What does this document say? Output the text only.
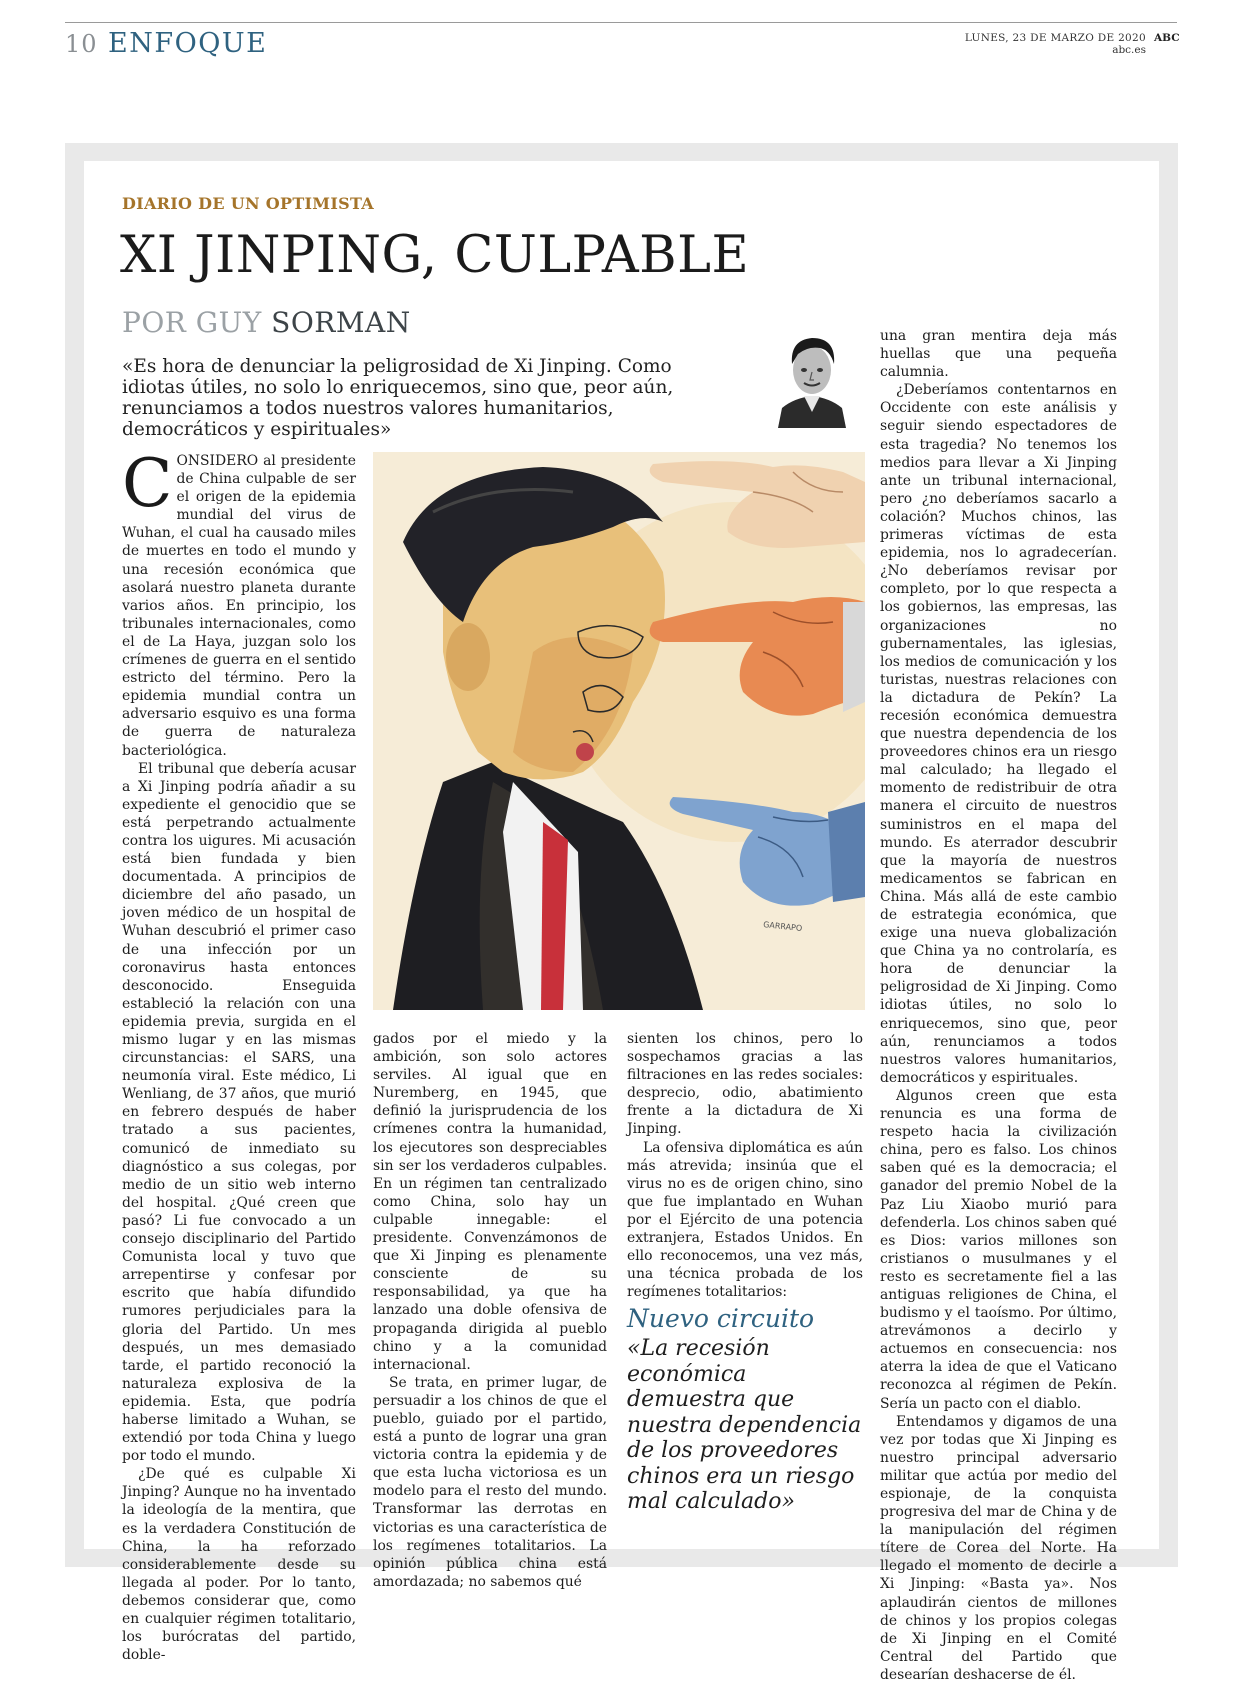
10 ENFOQUE	LUNES, 23 DE MARZO DE 2020
abc.es
ABC
DIARIO DE UN OPTIMISTA
XI JINPING, CULPABLE
POR GUY SORMAN
«Es hora de denunciar la peligrosidad de Xi Jinping. Como idiotas útiles, no solo lo enriquecemos, sino que, peor aún, renunciamos a todos nuestros valores humanitarios, democráticos y espirituales»
GARRAPO

CONSIDERO al presidente de China culpable de ser el origen de la epidemia mundial del virus de Wuhan, el cual ha causado miles de muertes en todo el mundo y una recesión económica que asolará nuestro planeta durante varios años. En principio, los tribunales internacionales, como el de La Haya, juzgan solo los crímenes de guerra en el sentido estricto del término. Pero la epidemia mundial contra un adversario esquivo es una forma de guerra de naturaleza bacteriológica.

El tribunal que debería acusar a Xi Jinping podría añadir a su expediente el genocidio que se está perpetrando actualmente contra los uigures. Mi acusación está bien fundada y bien documentada. A principios de diciembre del año pasado, un joven médico de un hospital de Wuhan descubrió el primer caso de una infección por un coronavirus hasta entonces desconocido. Enseguida estableció la relación con una epidemia previa, surgida en el mismo lugar y en las mismas circunstancias: el SARS, una neumonía viral. Este médico, Li Wenliang, de 37 años, que murió en febrero después de haber tratado a sus pacientes, comunicó de inmediato su diagnóstico a sus colegas, por medio de un sitio web interno del hospital. ¿Qué creen que pasó? Li fue convocado a un consejo disciplinario del Partido Comunista local y tuvo que arrepentirse y confesar por escrito que había difundido rumores perjudiciales para la gloria del Partido. Un mes después, un mes demasiado tarde, el partido reconoció la naturaleza explosiva de la epidemia. Esta, que podría haberse limitado a Wuhan, se extendió por toda China y luego por todo el mundo.

¿De qué es culpable Xi Jinping? Aunque no ha inventado la ideología de la mentira, que es la verdadera Constitución de China, la ha reforzado considerablemente desde su llegada al poder. Por lo tanto, debemos considerar que, como en cualquier régimen totalitario, los burócratas del partido, doble-

gados por el miedo y la ambición, son solo actores serviles. Al igual que en Nuremberg, en 1945, que definió la jurisprudencia de los crímenes contra la humanidad, los ejecutores son despreciables sin ser los verdaderos culpables. En un régimen tan centralizado como China, solo hay un culpable innegable: el presidente. Convenzámonos de que Xi Jinping es plenamente consciente de su responsabilidad, ya que ha lanzado una doble ofensiva de propaganda dirigida al pueblo chino y a la comunidad internacional.

Se trata, en primer lugar, de persuadir a los chinos de que el pueblo, guiado por el partido, está a punto de lograr una gran victoria contra la epidemia y de que esta lucha victoriosa es un modelo para el resto del mundo. Transformar las derrotas en victorias es una característica de los regímenes totalitarios. La opinión pública china está amordazada; no sabemos qué

sienten los chinos, pero lo sospechamos gracias a las filtraciones en las redes sociales: desprecio, odio, abatimiento frente a la dictadura de Xi Jinping.

La ofensiva diplomática es aún más atrevida; insinúa que el virus no es de origen chino, sino que fue implantado en Wuhan por el Ejército de una potencia extranjera, Estados Unidos. En ello reconocemos, una vez más, una técnica probada de los regímenes totalitarios:

Nuevo circuito
«La recesión económica demuestra que nuestra dependencia de los proveedores chinos era un riesgo mal calculado»

una gran mentira deja más huellas que una pequeña calumnia.

¿Deberíamos contentarnos en Occidente con este análisis y seguir siendo espectadores de esta tragedia? No tenemos los medios para llevar a Xi Jinping ante un tribunal internacional, pero ¿no deberíamos sacarlo a colación? Muchos chinos, las primeras víctimas de esta epidemia, nos lo agradecerían. ¿No deberíamos revisar por completo, por lo que respecta a los gobiernos, las empresas, las organizaciones no gubernamentales, las iglesias, los medios de comunicación y los turistas, nuestras relaciones con la dictadura de Pekín? La recesión económica demuestra que nuestra dependencia de los proveedores chinos era un riesgo mal calculado; ha llegado el momento de redistribuir de otra manera el circuito de nuestros suministros en el mapa del mundo. Es aterrador descubrir que la mayoría de nuestros medicamentos se fabrican en China. Más allá de este cambio de estrategia económica, que exige una nueva globalización que China ya no controlaría, es hora de denunciar la peligrosidad de Xi Jinping. Como idiotas útiles, no solo lo enriquecemos, sino que, peor aún, renunciamos a todos nuestros valores humanitarios, democráticos y espirituales.

Algunos creen que esta renuncia es una forma de respeto hacia la civilización china, pero es falso. Los chinos saben qué es la democracia; el ganador del premio Nobel de la Paz Liu Xiaobo murió para defenderla. Los chinos saben qué es Dios: varios millones son cristianos o musulmanes y el resto es secretamente fiel a las antiguas religiones de China, el budismo y el taoísmo. Por último, atrevámonos a decirlo y actuemos en consecuencia: nos aterra la idea de que el Vaticano reconozca al régimen de Pekín. Sería un pacto con el diablo.

Entendamos y digamos de una vez por todas que Xi Jinping es nuestro principal adversario militar que actúa por medio del espionaje, de la conquista progresiva del mar de China y de la manipulación del régimen títere de Corea del Norte. Ha llegado el momento de decirle a Xi Jinping: «Basta ya». Nos aplaudirán cientos de millones de chinos y los propios colegas de Xi Jinping en el Comité Central del Partido que desearían deshacerse de él.
